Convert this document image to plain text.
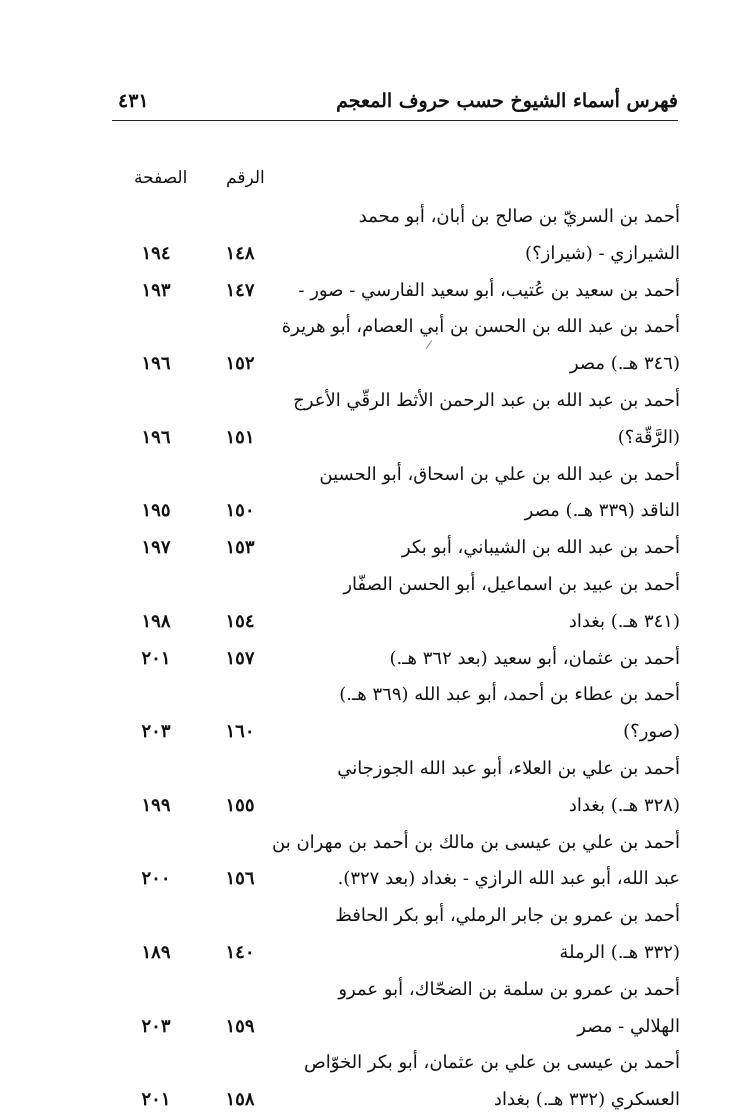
فهرس أسماء الشيوخ حسب حروف المعجم
٤٣١
الرقم
الصفحة
أحمد بن السريّ بن صالح بن أبان، أبو محمد
الشيرازي - (شيراز؟)
١٤٨
١٩٤
أحمد بن سعيد بن عُتيب، أبو سعيد الفارسي - صور -
١٤٧
١٩٣
أحمد بن عبد الله بن الحسن بن أبي العصام، أبو هريرة
(٣٤٦ هـ.) مصر
١٥٢
١٩٦
أحمد بن عبد الله بن عبد الرحمن الأثط الرقّي الأعرج
(الرَّقّة؟)
١٥١
١٩٦
أحمد بن عبد الله بن علي بن اسحاق، أبو الحسين
الناقد (٣٣٩ هـ.) مصر
١٥٠
١٩٥
أحمد بن عبد الله بن الشيباني، أبو بكر
١٥٣
١٩٧
أحمد بن عبيد بن اسماعيل، أبو الحسن الصفّار
(٣٤١ هـ.) بغداد
١٥٤
١٩٨
أحمد بن عثمان، أبو سعيد (بعد ٣٦٢ هـ.)
١٥٧
٢٠١
أحمد بن عطاء بن أحمد، أبو عبد الله (٣٦٩ هـ.)
(صور؟)
١٦٠
٢٠٣
أحمد بن علي بن العلاء، أبو عبد الله الجوزجاني
(٣٢٨ هـ.) بغداد
١٥٥
١٩٩
أحمد بن علي بن عيسى بن مالك بن أحمد بن مهران بن
عبد الله، أبو عبد الله الرازي - بغداد (بعد ٣٢٧).
١٥٦
٢٠٠
أحمد بن عمرو بن جابر الرملي، أبو بكر الحافظ
(٣٣٢ هـ.) الرملة
١٤٠
١٨٩
أحمد بن عمرو بن سلمة بن الضحّاك، أبو عمرو
الهلالي - مصر
١٥٩
٢٠٣
أحمد بن عيسى بن علي بن عثمان، أبو بكر الخوّاص
العسكري (٣٣٢ هـ.) بغداد
١٥٨
٢٠١
